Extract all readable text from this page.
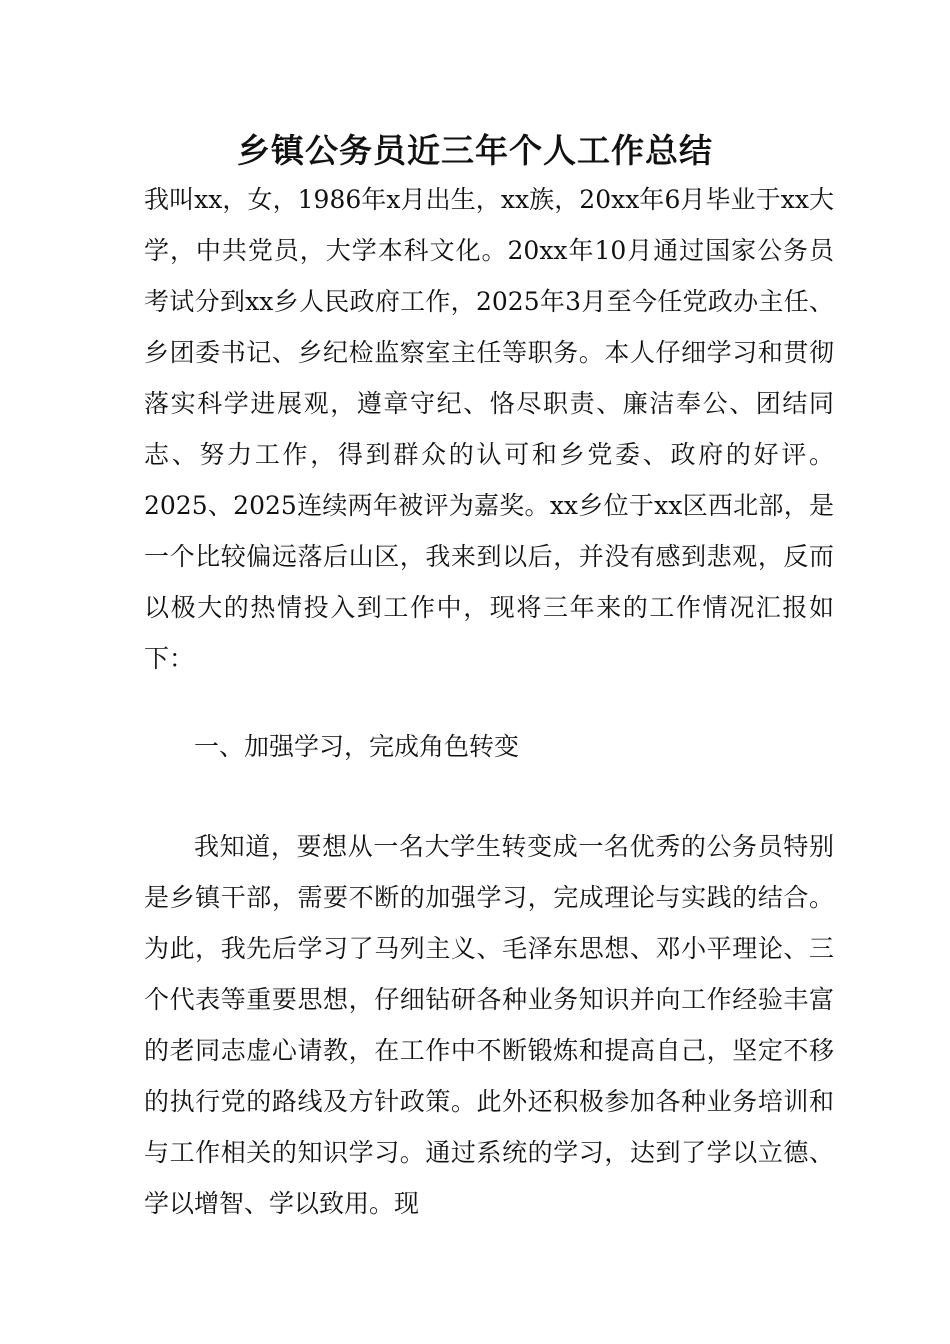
乡镇公务员近三年个人工作总结

我叫xx，女，1986年x月出生，xx族，20xx年6月毕业于xx大学，中共党员，大学本科文化。20xx年10月通过国家公务员考试分到xx乡人民政府工作，2025年3月至今任党政办主任、乡团委书记、乡纪检监察室主任等职务。本人仔细学习和贯彻落实科学进展观，遵章守纪、恪尽职责、廉洁奉公、团结同志、努力工作，得到群众的认可和乡党委、政府的好评。2025、2025连续两年被评为嘉奖。xx乡位于xx区西北部，是一个比较偏远落后山区，我来到以后，并没有感到悲观，反而以极大的热情投入到工作中，现将三年来的工作情况汇报如下：

一、加强学习，完成角色转变

我知道，要想从一名大学生转变成一名优秀的公务员特别是乡镇干部，需要不断的加强学习，完成理论与实践的结合。为此，我先后学习了马列主义、毛泽东思想、邓小平理论、三个代表等重要思想，仔细钻研各种业务知识并向工作经验丰富的老同志虚心请教，在工作中不断锻炼和提高自己，坚定不移的执行党的路线及方针政策。此外还积极参加各种业务培训和与工作相关的知识学习。通过系统的学习，达到了学以立德、学以增智、学以致用。现
